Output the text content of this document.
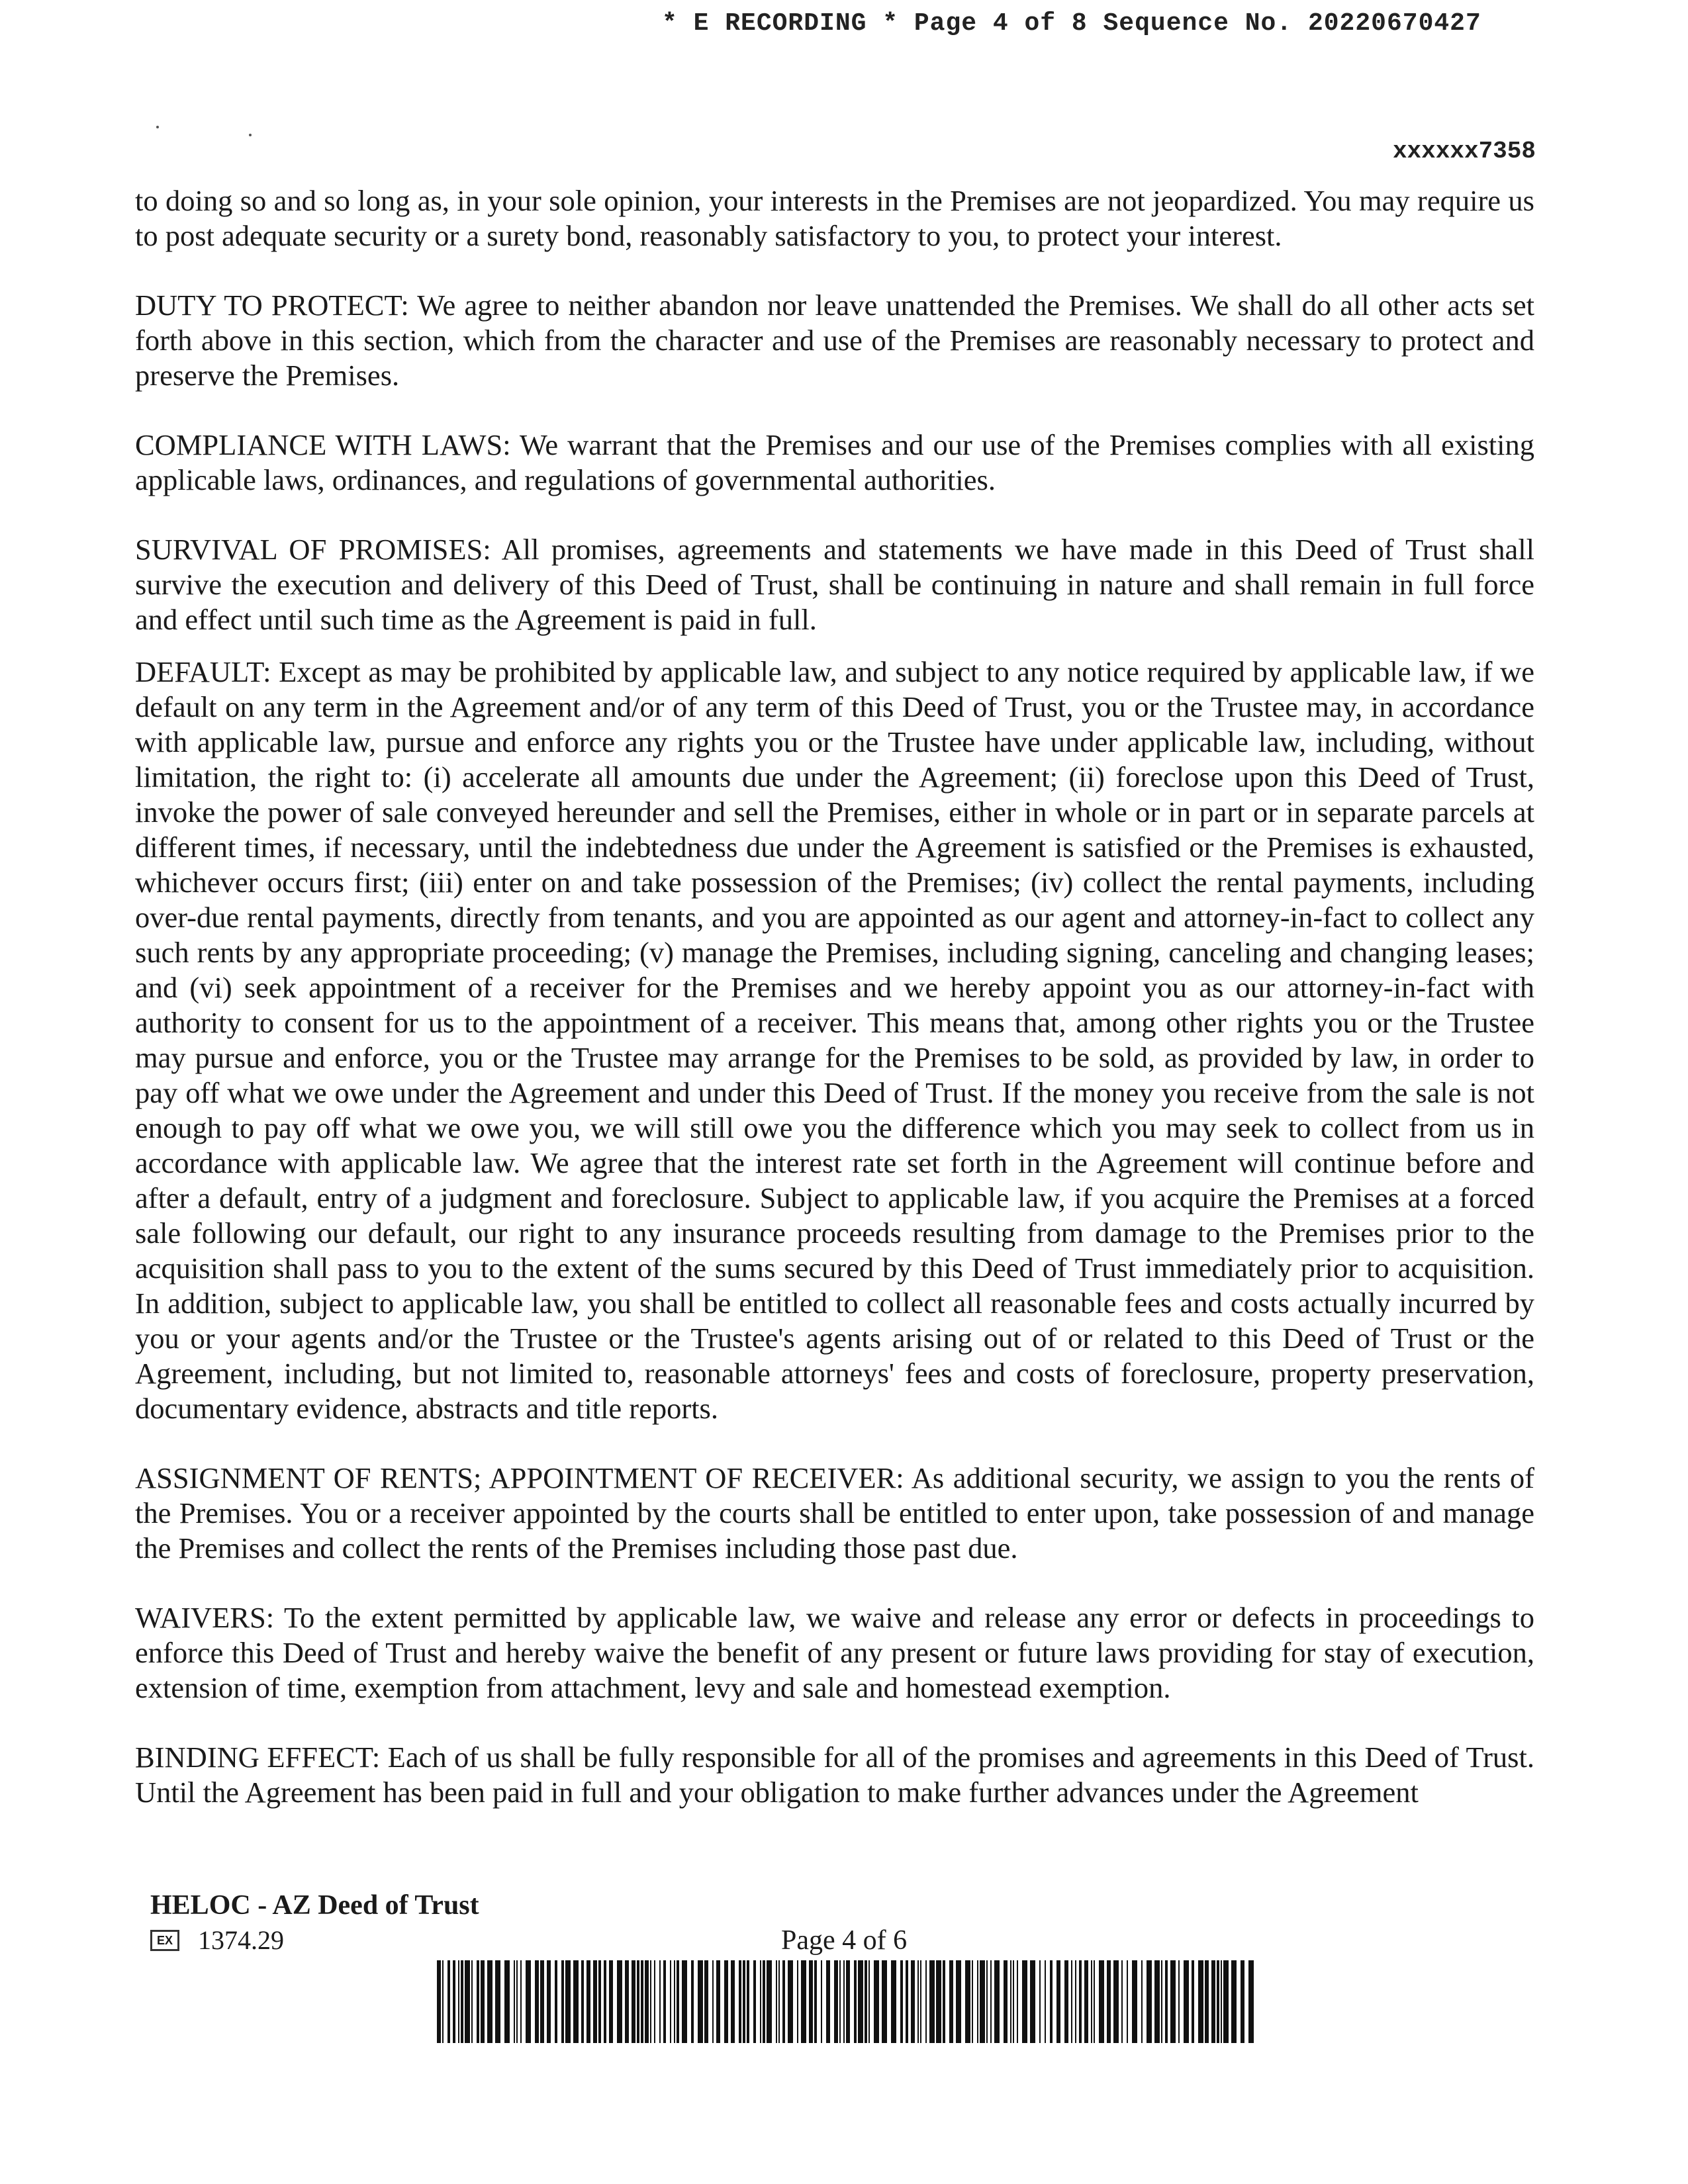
* E RECORDING * Page 4 of 8 Sequence No. 20220670427
xxxxxx7358

to doing so and so long as, in your sole opinion, your interests in the Premises are not jeopardized. You may require us to post adequate security or a surety bond, reasonably satisfactory to you, to protect your interest.

DUTY TO PROTECT: We agree to neither abandon nor leave unattended the Premises. We shall do all other acts set forth above in this section, which from the character and use of the Premises are reasonably necessary to protect and preserve the Premises.

COMPLIANCE WITH LAWS: We warrant that the Premises and our use of the Premises complies with all existing applicable laws, ordinances, and regulations of governmental authorities.

SURVIVAL OF PROMISES: All promises, agreements and statements we have made in this Deed of Trust shall survive the execution and delivery of this Deed of Trust, shall be continuing in nature and shall remain in full force and effect until such time as the Agreement is paid in full.

DEFAULT: Except as may be prohibited by applicable law, and subject to any notice required by applicable law, if we default on any term in the Agreement and/or of any term of this Deed of Trust, you or the Trustee may, in accordance with applicable law, pursue and enforce any rights you or the Trustee have under applicable law, including, without limitation, the right to: (i) accelerate all amounts due under the Agreement; (ii) foreclose upon this Deed of Trust, invoke the power of sale conveyed hereunder and sell the Premises, either in whole or in part or in separate parcels at different times, if necessary, until the indebtedness due under the Agreement is satisfied or the Premises is exhausted, whichever occurs first; (iii) enter on and take possession of the Premises; (iv) collect the rental payments, including over-due rental payments, directly from tenants, and you are appointed as our agent and attorney-in-fact to collect any such rents by any appropriate proceeding; (v) manage the Premises, including signing, canceling and changing leases; and (vi) seek appointment of a receiver for the Premises and we hereby appoint you as our attorney-in-fact with authority to consent for us to the appointment of a receiver. This means that, among other rights you or the Trustee may pursue and enforce, you or the Trustee may arrange for the Premises to be sold, as provided by law, in order to pay off what we owe under the Agreement and under this Deed of Trust. If the money you receive from the sale is not enough to pay off what we owe you, we will still owe you the difference which you may seek to collect from us in accordance with applicable law. We agree that the interest rate set forth in the Agreement will continue before and after a default, entry of a judgment and foreclosure. Subject to applicable law, if you acquire the Premises at a forced sale following our default, our right to any insurance proceeds resulting from damage to the Premises prior to the acquisition shall pass to you to the extent of the sums secured by this Deed of Trust immediately prior to acquisition. In addition, subject to applicable law, you shall be entitled to collect all reasonable fees and costs actually incurred by you or your agents and/or the Trustee or the Trustee's agents arising out of or related to this Deed of Trust or the Agreement, including, but not limited to, reasonable attorneys' fees and costs of foreclosure, property preservation, documentary evidence, abstracts and title reports.

ASSIGNMENT OF RENTS; APPOINTMENT OF RECEIVER: As additional security, we assign to you the rents of the Premises. You or a receiver appointed by the courts shall be entitled to enter upon, take possession of and manage the Premises and collect the rents of the Premises including those past due.

WAIVERS: To the extent permitted by applicable law, we waive and release any error or defects in proceedings to enforce this Deed of Trust and hereby waive the benefit of any present or future laws providing for stay of execution, extension of time, exemption from attachment, levy and sale and homestead exemption.

BINDING EFFECT: Each of us shall be fully responsible for all of the promises and agreements in this Deed of Trust. Until the Agreement has been paid in full and your obligation to make further advances under the Agreement

HELOC - AZ Deed of Trust
EX 1374.29	Page 4 of 6
